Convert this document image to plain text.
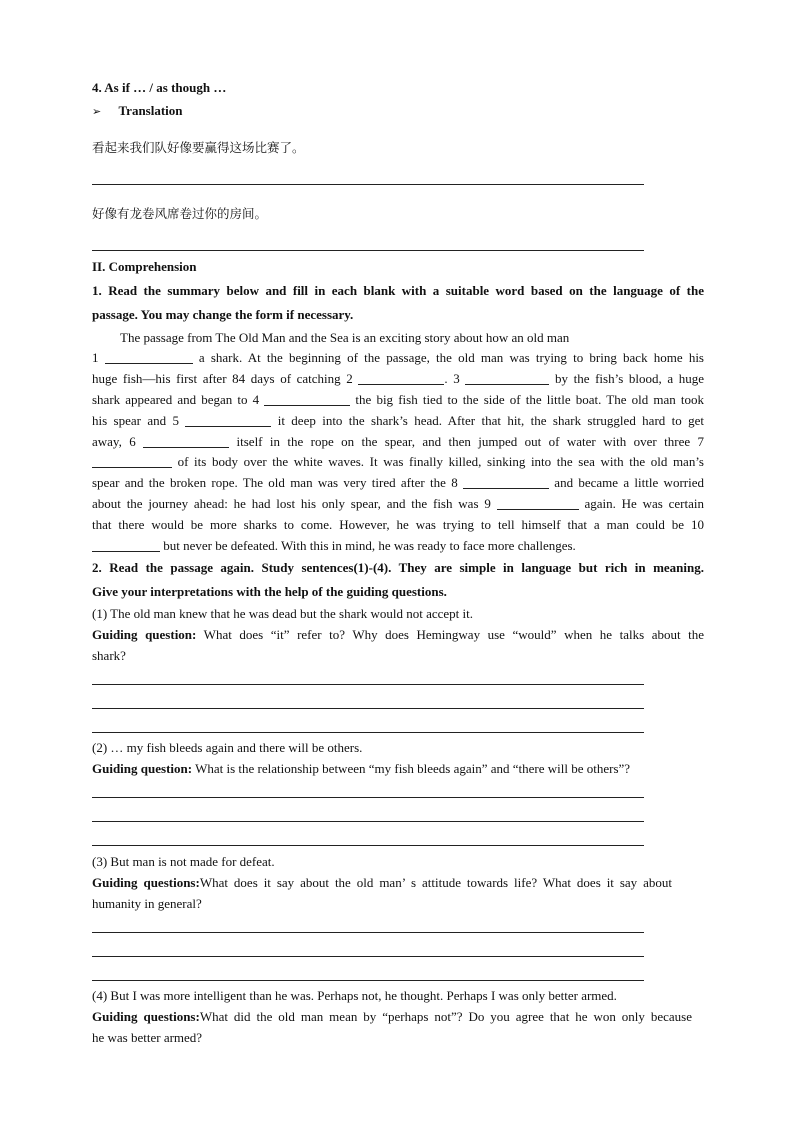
4. As if … / as though …
➢ Translation
看起来我们队好像要赢得这场比赛了。
好像有龙卷风席卷过你的房间。
II. Comprehension
1. Read the summary below and fill in each blank with a suitable word based on the language of the
passage. You may change the form if necessary.
The passage from The Old Man and the Sea is an exciting story about how an old man
1	a shark. At the beginning of the passage, the old man was trying to bring back home his
huge fish—his first after 84 days of catching 2	. 3	by the fish’s blood, a huge
shark appeared and began to 4	the big fish tied to the side of the little boat. The old man took
his spear and 5	it deep into the shark’s head. After that hit, the shark struggled hard to get
away, 6	itself in the rope on the spear, and then jumped out of water with over three 7
of its body over the white waves. It was finally killed, sinking into the sea with the old man’s
spear and the broken rope. The old man was very tired after the 8	and became a little worried
about the journey ahead: he had lost his only spear, and the fish was 9	again. He was certain
that there would be more sharks to come. However, he was trying to tell himself that a man could be 10
but never be defeated. With this in mind, he was ready to face more challenges.
2. Read the passage again. Study sentences(1)-(4). They are simple in language but rich in meaning.
Give your interpretations with the help of the guiding questions.
(1) The old man knew that he was dead but the shark would not accept it.
Guiding question: What does “it” refer to? Why does Hemingway use “would” when he talks about the
shark?
(2) … my fish bleeds again and there will be others.
Guiding question: What is the relationship between “my fish bleeds again” and “there will be others”?
(3) But man is not made for defeat.
Guiding questions:What does it say about the old man’ s attitude towards life? What does it say about
humanity in general?
(4) But I was more intelligent than he was. Perhaps not, he thought. Perhaps I was only better armed.
Guiding questions:What did the old man mean by “perhaps not”? Do you agree that he won only because
he was better armed?
